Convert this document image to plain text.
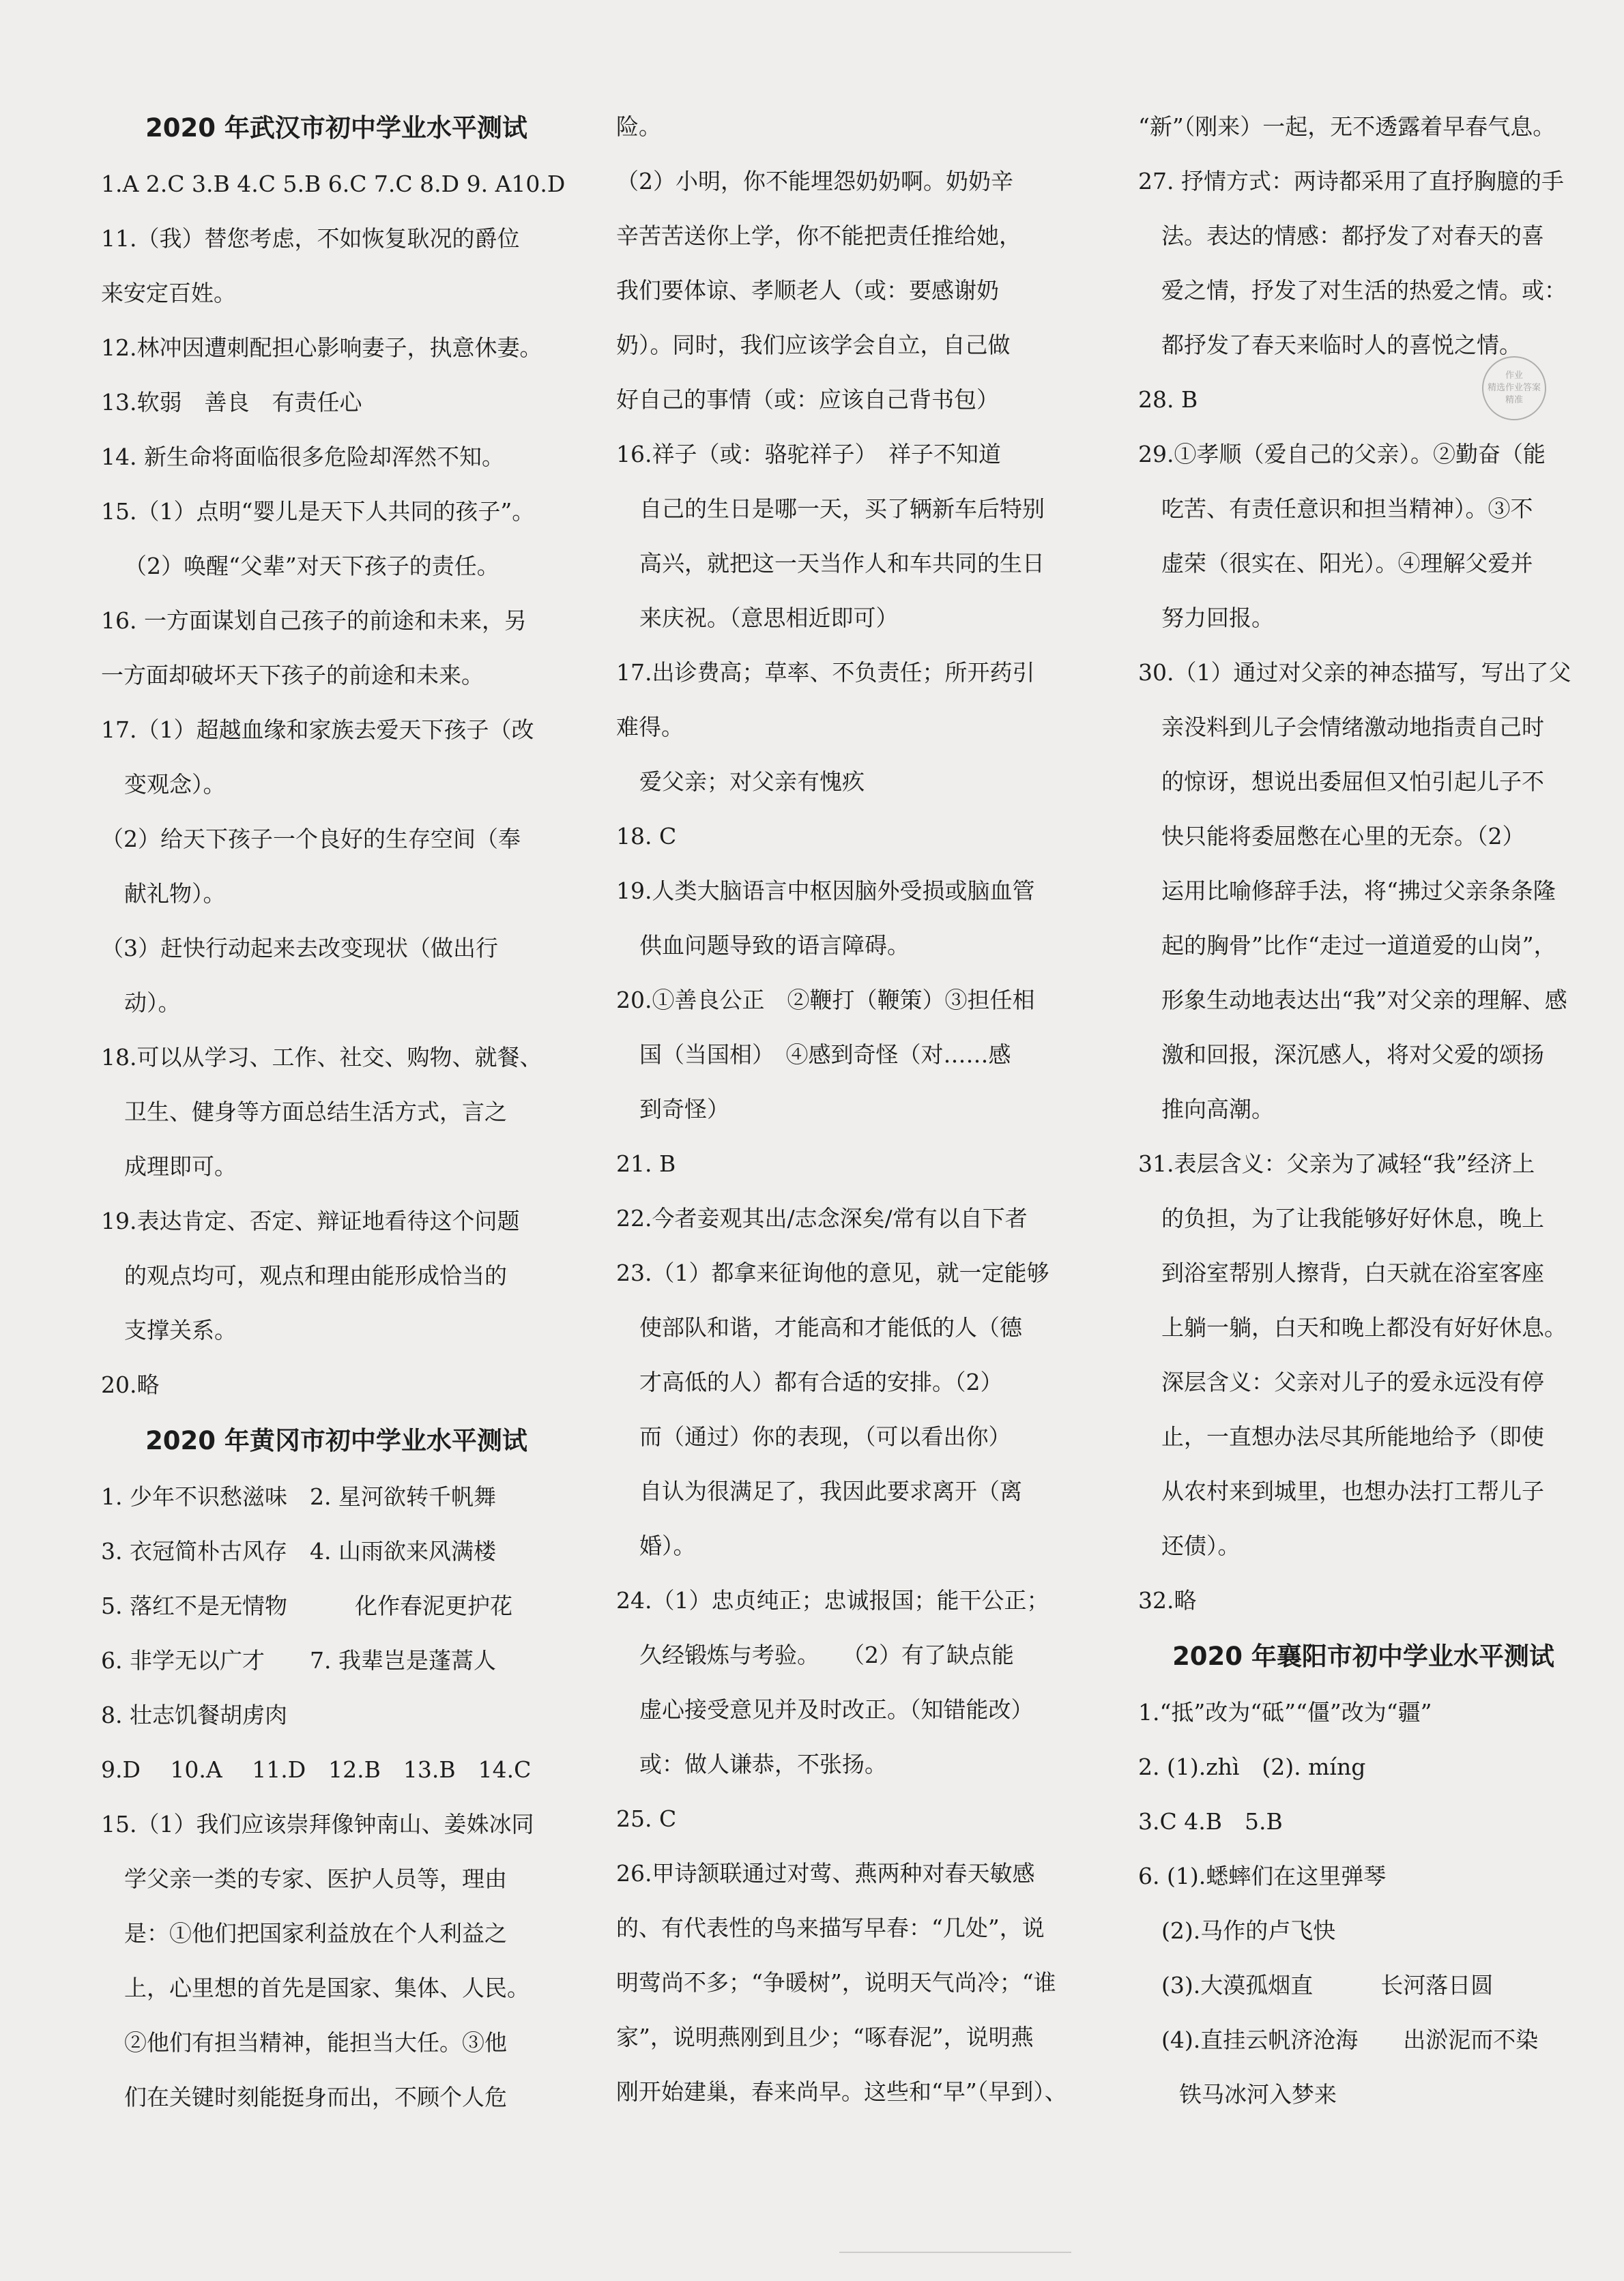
2020 年武汉市初中学业水平测试
1.A 2.C 3.B 4.C 5.B 6.C 7.C 8.D 9. A10.D
11.（我）替您考虑，不如恢复耿况的爵位
来安定百姓。
12.林冲因遭刺配担心影响妻子，执意休妻。
13.软弱　善良　有责任心
14. 新生命将面临很多危险却浑然不知。
15.（1）点明“婴儿是天下人共同的孩子”。
（2）唤醒“父辈”对天下孩子的责任。
16. 一方面谋划自己孩子的前途和未来，另
一方面却破坏天下孩子的前途和未来。
17.（1）超越血缘和家族去爱天下孩子（改
变观念）。
（2）给天下孩子一个良好的生存空间（奉
献礼物）。
（3）赶快行动起来去改变现状（做出行
动）。
18.可以从学习、工作、社交、购物、就餐、
卫生、健身等方面总结生活方式，言之
成理即可。
19.表达肯定、否定、辩证地看待这个问题
的观点均可，观点和理由能形成恰当的
支撑关系。
20.略
2020 年黄冈市初中学业水平测试
1. 少年不识愁滋味　2. 星河欲转千帆舞
3. 衣冠简朴古风存　4. 山雨欲来风满楼
5. 落红不是无情物　　　化作春泥更护花
6. 非学无以广才　　7. 我辈岂是蓬蒿人
8. 壮志饥餐胡虏肉
9.D　 10.A　 11.D　12.B　13.B　14.C
15.（1）我们应该崇拜像钟南山、姜姝冰同
学父亲一类的专家、医护人员等，理由
是：①他们把国家利益放在个人利益之
上，心里想的首先是国家、集体、人民。
②他们有担当精神，能担当大任。③他
们在关键时刻能挺身而出，不顾个人危
险。
（2）小明，你不能埋怨奶奶啊。奶奶辛
辛苦苦送你上学，你不能把责任推给她，
我们要体谅、孝顺老人（或：要感谢奶
奶）。同时，我们应该学会自立，自己做
好自己的事情（或：应该自己背书包）
16.祥子（或：骆驼祥子）　祥子不知道
自己的生日是哪一天，买了辆新车后特别
高兴，就把这一天当作人和车共同的生日
来庆祝。（意思相近即可）
17.出诊费高；草率、不负责任；所开药引
难得。
爱父亲；对父亲有愧疚
18. C
19.人类大脑语言中枢因脑外受损或脑血管
供血问题导致的语言障碍。
20.①善良公正　②鞭打（鞭策）③担任相
国（当国相）　④感到奇怪（对……感
到奇怪）
21. B
22.今者妾观其出/志念深矣/常有以自下者
23.（1）都拿来征询他的意见，就一定能够
使部队和谐，才能高和才能低的人（德
才高低的人）都有合适的安排。（2）
而（通过）你的表现，（可以看出你）
自认为很满足了，我因此要求离开（离
婚）。
24.（1）忠贞纯正；忠诚报国；能干公正；
久经锻炼与考验。　　（2）有了缺点能
虚心接受意见并及时改正。（知错能改）
或：做人谦恭，不张扬。
25. C
26.甲诗颔联通过对莺、燕两种对春天敏感
的、有代表性的鸟来描写早春：“几处”，说
明莺尚不多；“争暖树”，说明天气尚冷；“谁
家”，说明燕刚到且少；“啄春泥”，说明燕
刚开始建巢，春来尚早。这些和“早”（早到）、
“新”（刚来）一起，无不透露着早春气息。
27. 抒情方式：两诗都采用了直抒胸臆的手
法。表达的情感：都抒发了对春天的喜
爱之情，抒发了对生活的热爱之情。或：
都抒发了春天来临时人的喜悦之情。
28. B
29.①孝顺（爱自己的父亲）。②勤奋（能
吃苦、有责任意识和担当精神）。③不
虚荣（很实在、阳光）。④理解父爱并
努力回报。
30.（1）通过对父亲的神态描写，写出了父
亲没料到儿子会情绪激动地指责自己时
的惊讶，想说出委屈但又怕引起儿子不
快只能将委屈憋在心里的无奈。（2）
运用比喻修辞手法，将“拂过父亲条条隆
起的胸骨”比作“走过一道道爱的山岗”，
形象生动地表达出“我”对父亲的理解、感
激和回报，深沉感人，将对父爱的颂扬
推向高潮。
31.表层含义：父亲为了减轻“我”经济上
的负担，为了让我能够好好休息，晚上
到浴室帮别人擦背，白天就在浴室客座
上躺一躺，白天和晚上都没有好好休息。
深层含义：父亲对儿子的爱永远没有停
止，一直想办法尽其所能地给予（即使
从农村来到城里，也想办法打工帮儿子
还债）。
32.略
2020 年襄阳市初中学业水平测试
1.“抵”改为“砥”“僵”改为“疆”
2. (1).zhì　(2). míng
3.C 4.B　5.B
6. (1).蟋蟀们在这里弹琴
(2).马作的卢飞快
(3).大漠孤烟直　　　长河落日圆
(4).直挂云帆济沧海　　出淤泥而不染
铁马冰河入梦来
作业
精选作业答案
精准
